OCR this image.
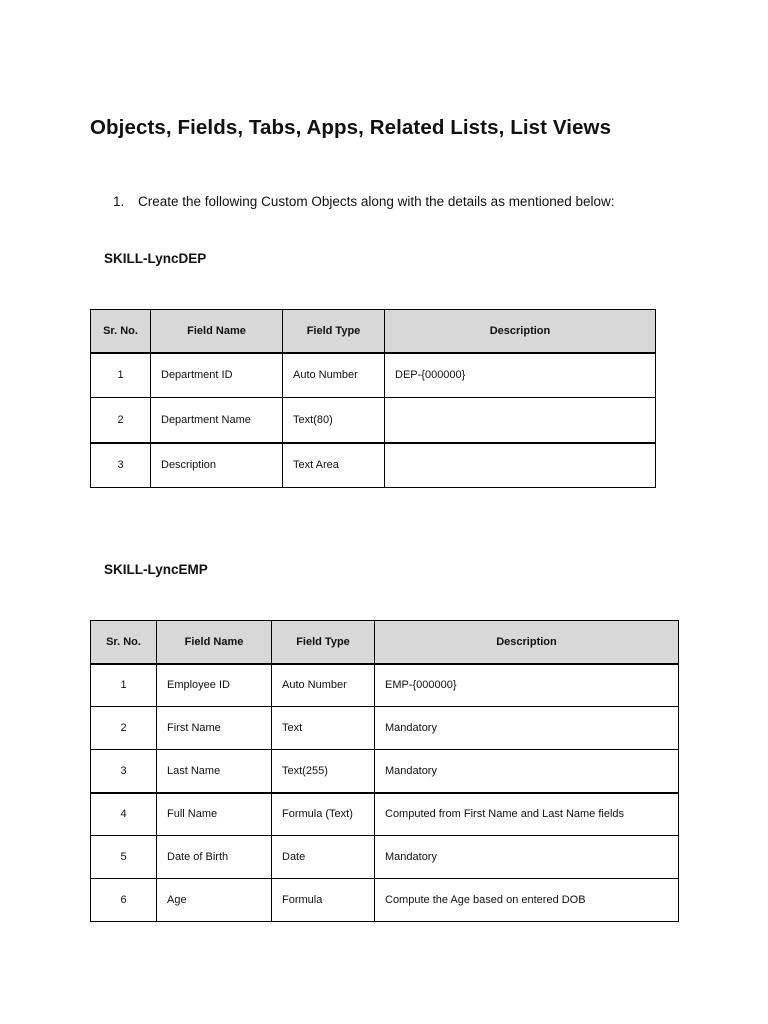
Objects, Fields, Tabs, Apps, Related Lists, List Views
1. Create the following Custom Objects along with the details as mentioned below:
SKILL-LyncDEP
Sr. No.	Field Name	Field Type	Description
1	Department ID	Auto Number	DEP-{000000}
2	Department Name	Text(80)	
3	Description	Text Area	
SKILL-LyncEMP
Sr. No.	Field Name	Field Type	Description
1	Employee ID	Auto Number	EMP-{000000}
2	First Name	Text	Mandatory
3	Last Name	Text(255)	Mandatory
4	Full Name	Formula (Text)	Computed from First Name and Last Name fields
5	Date of Birth	Date	Mandatory
6	Age	Formula	Compute the Age based on entered DOB
